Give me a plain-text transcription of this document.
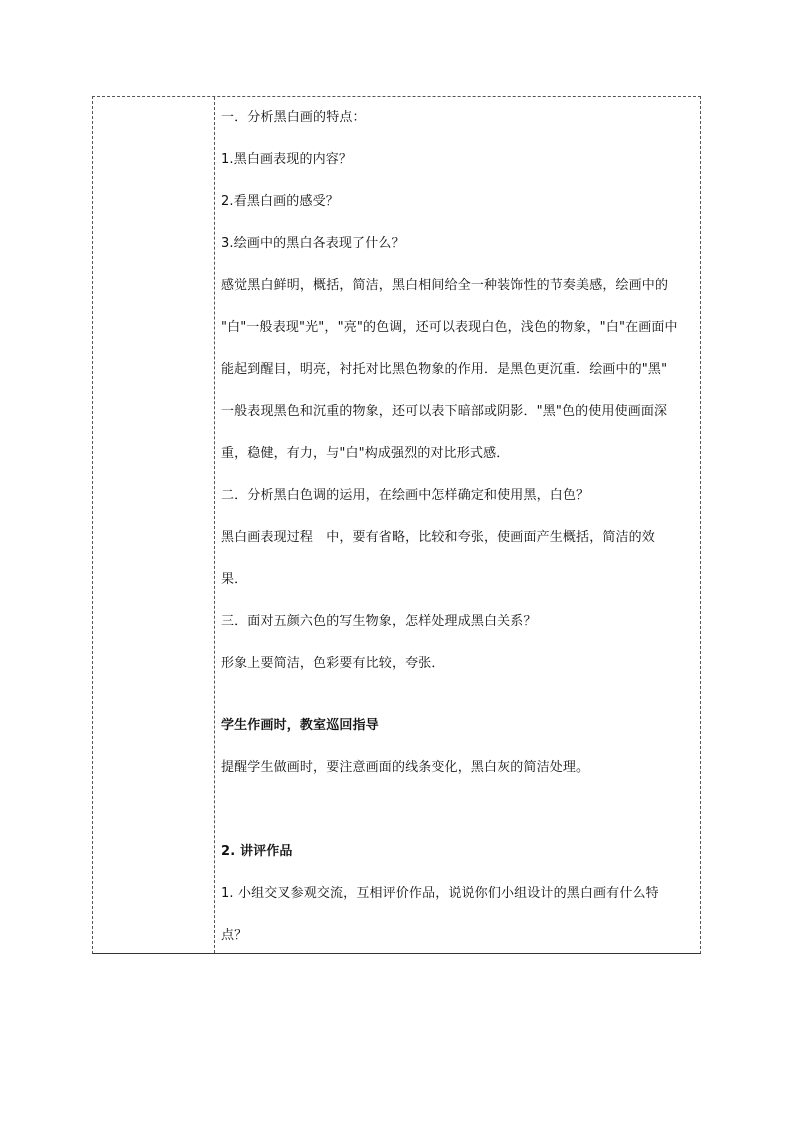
一．分析黑白画的特点：
1.黑白画表现的内容？
2.看黑白画的感受？
3.绘画中的黑白各表现了什么？
感觉黑白鲜明，概括，简洁，黑白相间给全一种装饰性的节奏美感，绘画中的
"白"一般表现"光"，"亮"的色调，还可以表现白色，浅色的物象，"白"在画面中
能起到醒目，明亮，衬托对比黑色物象的作用．是黑色更沉重．绘画中的"黑"
一般表现黑色和沉重的物象，还可以表下暗部或阴影．"黑"色的使用使画面深
重，稳健，有力，与"白"构成强烈的对比形式感．
二．分析黑白色调的运用，在绘画中怎样确定和使用黑，白色？
黑白画表现过程　中，要有省略，比较和夸张，使画面产生概括，简洁的效
果．
三．面对五颜六色的写生物象，怎样处理成黑白关系？
形象上要简洁，色彩要有比较，夸张．
学生作画时，教室巡回指导
提醒学生做画时，要注意画面的线条变化，黑白灰的简洁处理。
2. 讲评作品
1. 小组交叉参观交流，互相评价作品，说说你们小组设计的黑白画有什么特
点？
